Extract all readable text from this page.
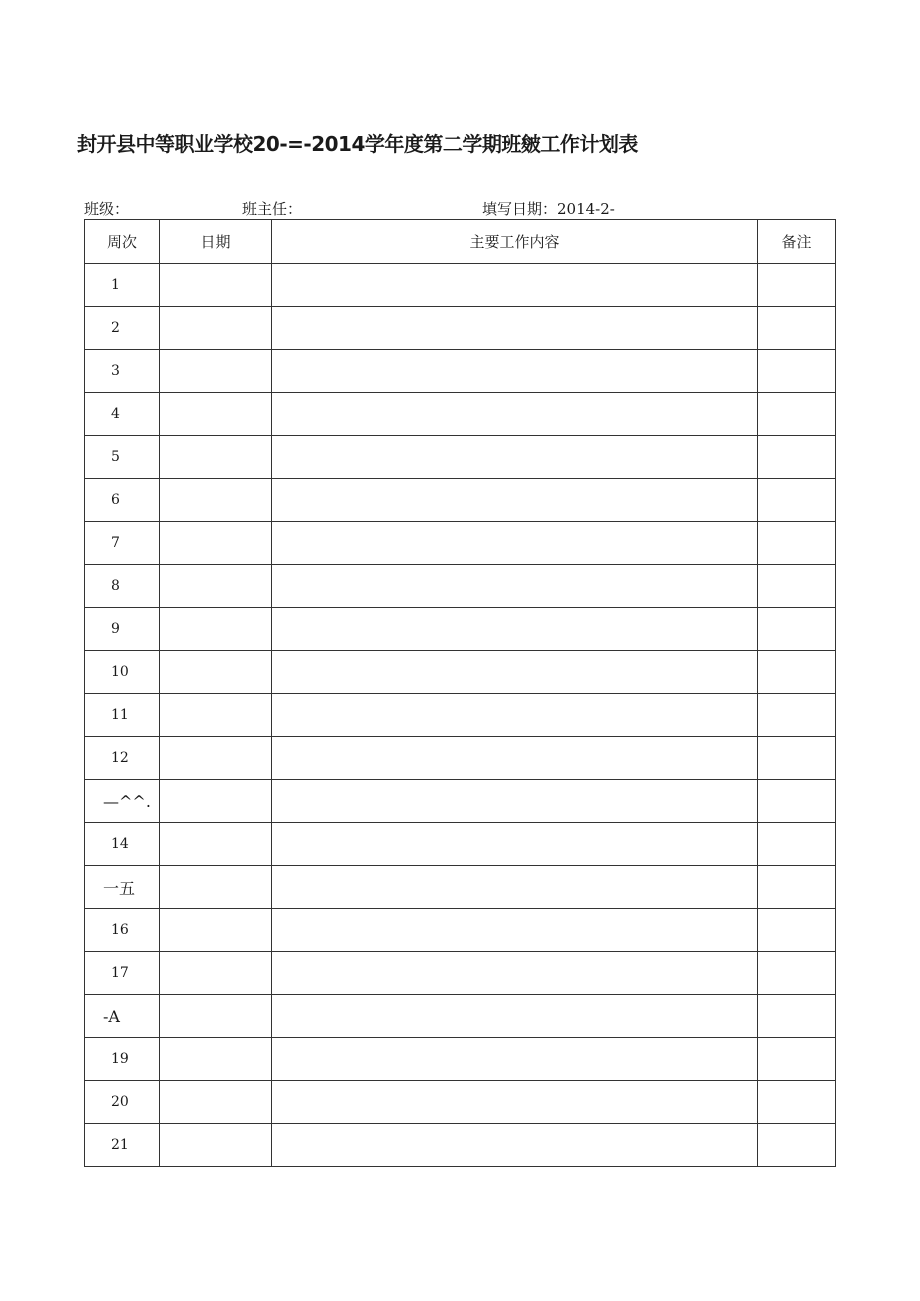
封开县中等职业学校20-=-2014学年度第二学期班皴工作计划表
班级：	班主任：	填写日期：2014-2-
周次	日期	主要工作内容	备注
1			
2			
3			
4			
5			
6			
7			
8			
9			
10			
11			
12			
—^^.			
14			
一五			
16			
17			
-A			
19			
20			
21			
